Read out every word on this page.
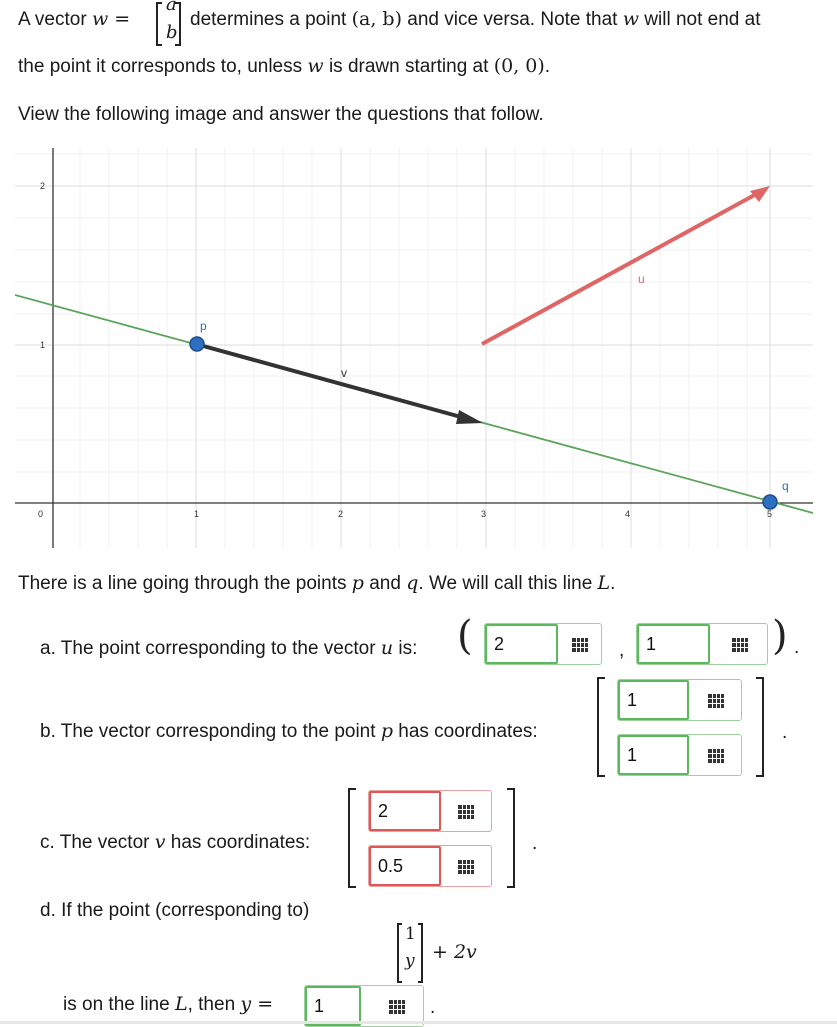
A vector w =
a
b
determines a point (a, b) and vice versa. Note that w will not end at
the point it corresponds to, unless w is drawn starting at (0, 0).
View the following image and answer the questions that follow.
0	1	2	3	4	5
1
2
p
q
u
v
There is a line going through the points p and q. We will call this line L.
a. The point corresponding to the vector u is: (
2	,
1	) .
b. The vector corresponding to the point p has coordinates:
1
1	.
c. The vector v has coordinates:
2
0.5	.
d. If the point (corresponding to)
1
y + 2v
is on the line L, then y =
1	.
